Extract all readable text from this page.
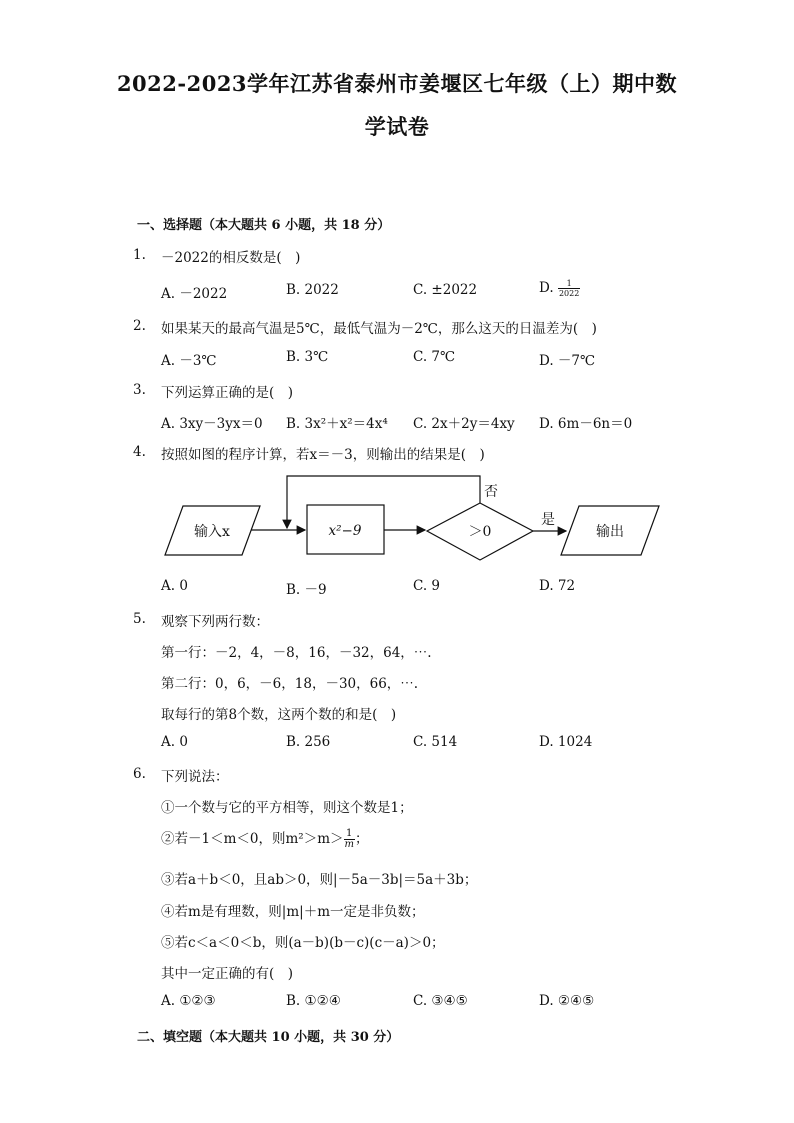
2022-2023学年江苏省泰州市姜堰区七年级（上）期中数
学试卷
一、选择题（本大题共 6 小题，共 18 分）
1. －2022的相反数是(　)
A. －2022	B. 2022	C. ±2022	D. $\frac{1}{2022}$
2. 如果某天的最高气温是5℃，最低气温为－2℃，那么这天的日温差为(　)
A. －3℃	B. 3℃	C. 7℃	D. －7℃
3. 下列运算正确的是(　)
A. 3xy－3yx＝0 B. 3x²＋x²＝4x⁴ C. 2x＋2y＝4xy D. 6m－6n＝0
4. 按照如图的程序计算，若x＝－3，则输出的结果是(　)
输入x	x²−9	＞0
否
是
输出
A. 0	B. －9	C. 9	D. 72
5. 观察下列两行数：
第一行：－2，4，－8，16，－32，64，⋯.
第二行：0，6，－6，18，－30，66，⋯.
取每行的第8个数，这两个数的和是(　)
A. 0	B. 256	C. 514	D. 1024
6. 下列说法：
①一个数与它的平方相等，则这个数是1；
②若－1＜m＜0，则$m^2>m> \frac{1}{m}$ ；
③若a＋b＜0，且ab＞0，则|－5a－3b|＝5a＋3b；
④若m是有理数，则|m|＋m一定是非负数；
⑤若c＜a＜0＜b，则(a－b)(b－c)(c－a)＞0；
其中一定正确的有(　)
A. ①②③	B. ①②④	C. ③④⑤	D. ②④⑤
二、填空题（本大题共 10 小题，共 30 分）
